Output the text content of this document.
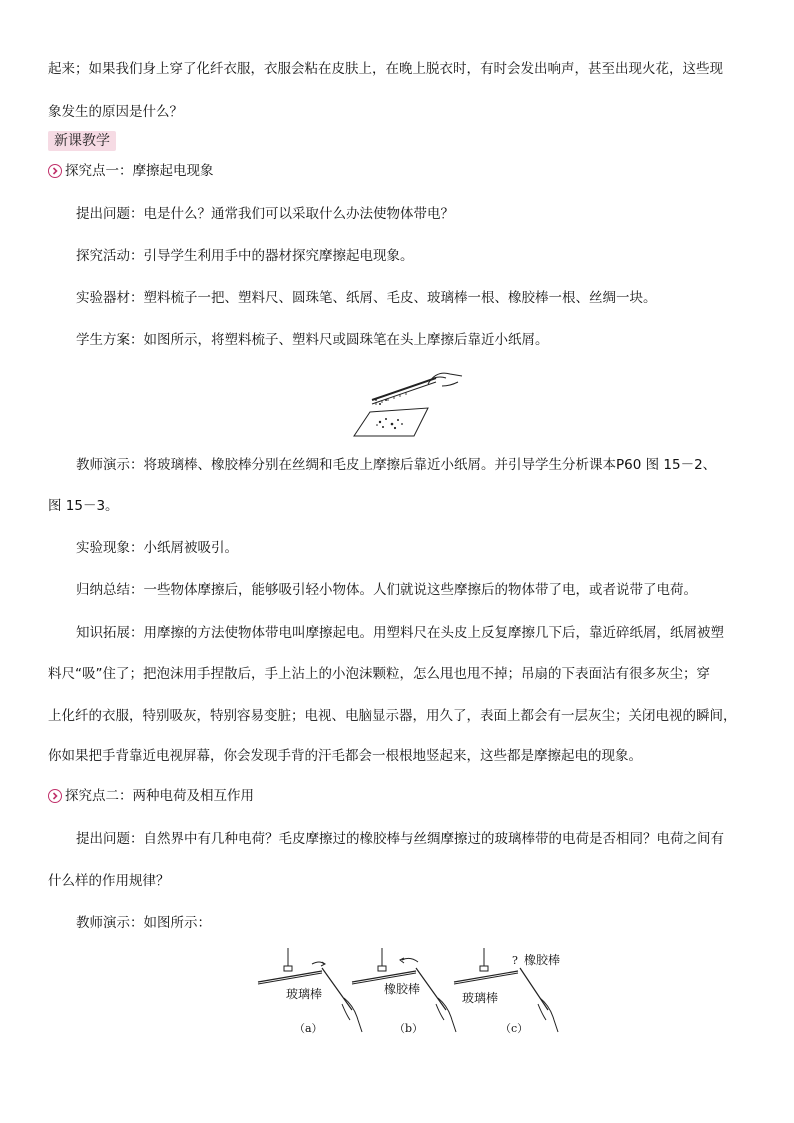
起来；如果我们身上穿了化纤衣服，衣服会粘在皮肤上，在晚上脱衣时，有时会发出响声，甚至出现火花，这些现
象发生的原因是什么？
新课教学
探究点一：摩擦起电现象
提出问题：电是什么？通常我们可以采取什么办法使物体带电？
探究活动：引导学生利用手中的器材探究摩擦起电现象。
实验器材：塑料梳子一把、塑料尺、圆珠笔、纸屑、毛皮、玻璃棒一根、橡胶棒一根、丝绸一块。
学生方案：如图所示，将塑料梳子、塑料尺或圆珠笔在头上摩擦后靠近小纸屑。
教师演示：将玻璃棒、橡胶棒分别在丝绸和毛皮上摩擦后靠近小纸屑。并引导学生分析课本P60 图 15－2、
图 15－3。
实验现象：小纸屑被吸引。
归纳总结：一些物体摩擦后，能够吸引轻小物体。人们就说这些摩擦后的物体带了电，或者说带了电荷。
知识拓展：用摩擦的方法使物体带电叫摩擦起电。用塑料尺在头皮上反复摩擦几下后，靠近碎纸屑，纸屑被塑
料尺“吸”住了；把泡沫用手捏散后，手上沾上的小泡沫颗粒，怎么甩也甩不掉；吊扇的下表面沾有很多灰尘；穿
上化纤的衣服，特别吸灰，特别容易变脏；电视、电脑显示器，用久了，表面上都会有一层灰尘；关闭电视的瞬间，
你如果把手背靠近电视屏幕，你会发现手背的汗毛都会一根根地竖起来，这些都是摩擦起电的现象。
探究点二：两种电荷及相互作用
提出问题：自然界中有几种电荷？毛皮摩擦过的橡胶棒与丝绸摩擦过的玻璃棒带的电荷是否相同？电荷之间有
什么样的作用规律？
教师演示：如图所示：
玻璃棒	橡胶棒
? 橡胶棒
玻璃棒
（a）	（b）	（c）
